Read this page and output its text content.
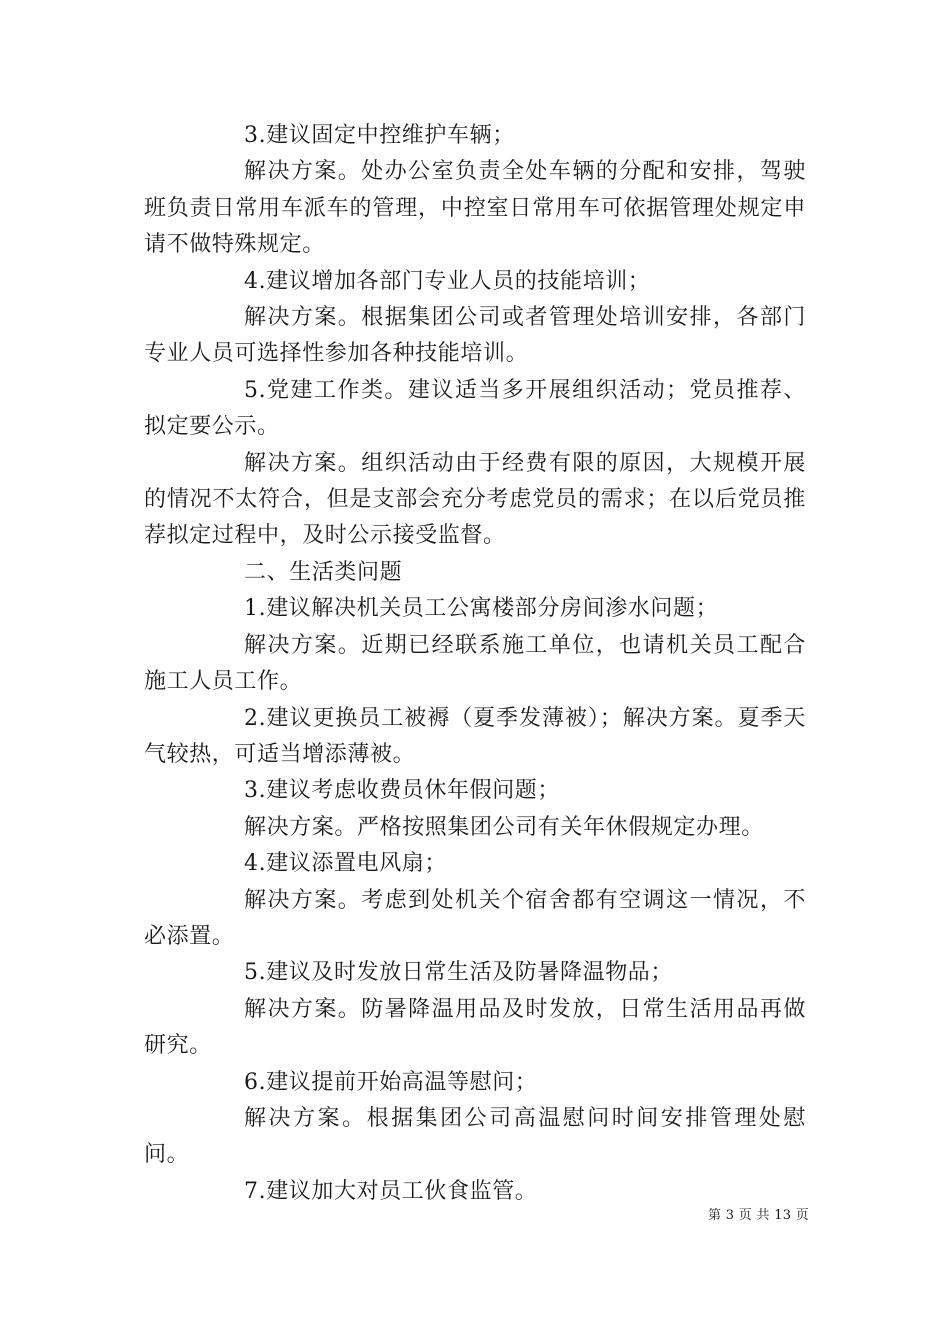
3.建议固定中控维护车辆；

解决方案。处办公室负责全处车辆的分配和安排，驾驶班负责日常用车派车的管理，中控室日常用车可依据管理处规定申请不做特殊规定。

4.建议增加各部门专业人员的技能培训；

解决方案。根据集团公司或者管理处培训安排，各部门专业人员可选择性参加各种技能培训。

5.党建工作类。建议适当多开展组织活动；党员推荐、拟定要公示。

解决方案。组织活动由于经费有限的原因，大规模开展的情况不太符合，但是支部会充分考虑党员的需求；在以后党员推荐拟定过程中，及时公示接受监督。

二、生活类问题

1.建议解决机关员工公寓楼部分房间渗水问题；

解决方案。近期已经联系施工单位，也请机关员工配合施工人员工作。

2.建议更换员工被褥（夏季发薄被）；解决方案。夏季天气较热，可适当增添薄被。

3.建议考虑收费员休年假问题；

解决方案。严格按照集团公司有关年休假规定办理。

4.建议添置电风扇；

解决方案。考虑到处机关个宿舍都有空调这一情况，不必添置。

5.建议及时发放日常生活及防暑降温物品；

解决方案。防暑降温用品及时发放，日常生活用品再做研究。

6.建议提前开始高温等慰问；

解决方案。根据集团公司高温慰问时间安排管理处慰问。

7.建议加大对员工伙食监管。

第 3 页 共 13 页
